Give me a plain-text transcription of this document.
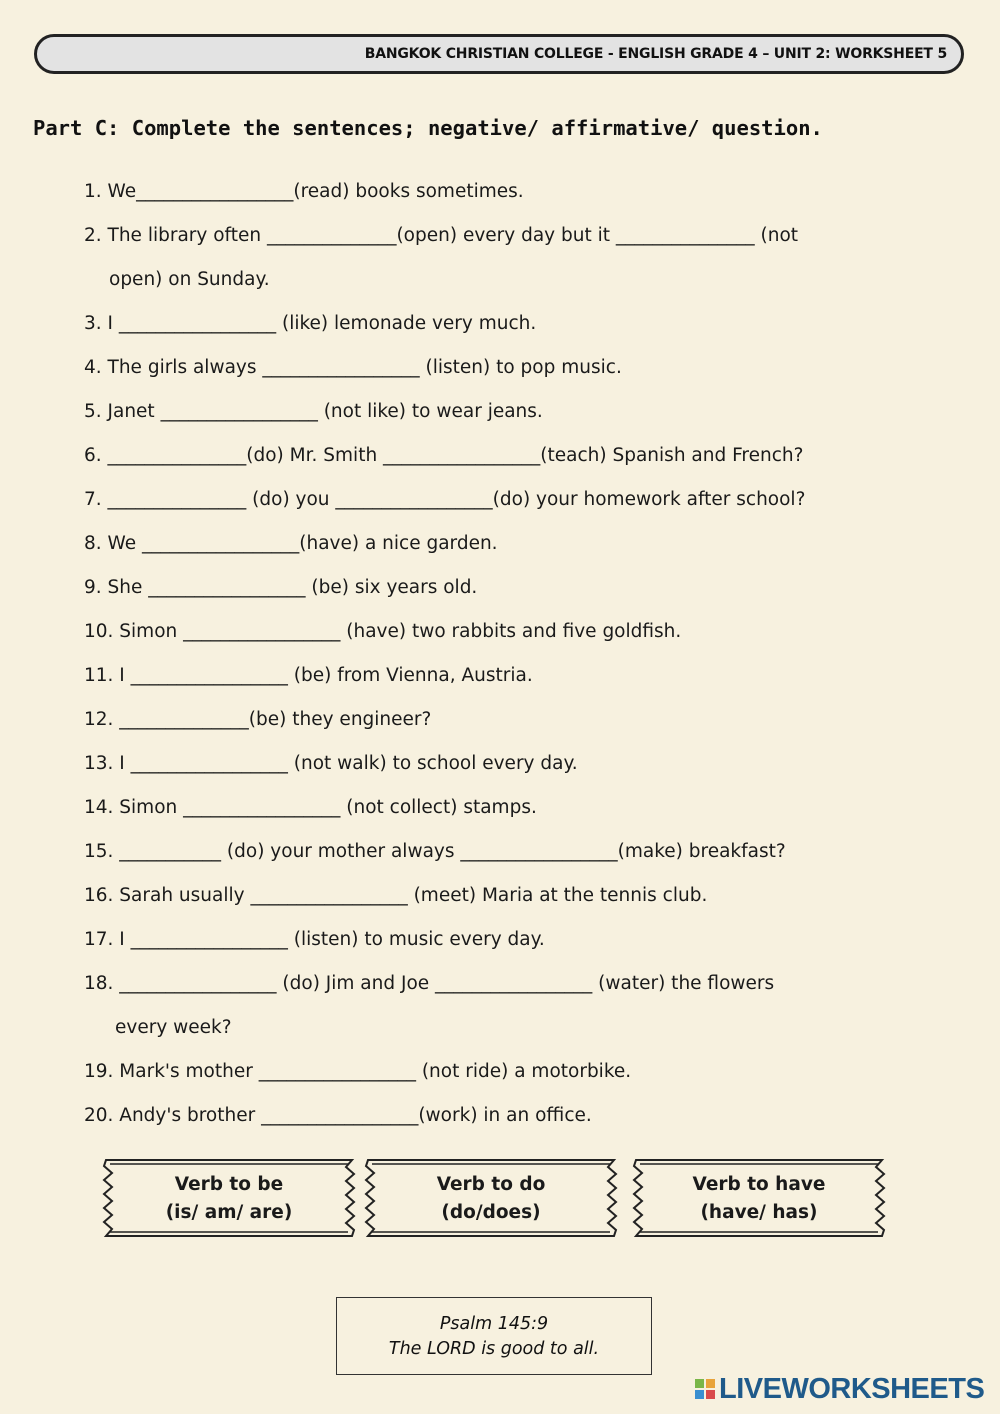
BANGKOK CHRISTIAN COLLEGE - ENGLISH GRADE 4 – UNIT 2: WORKSHEET 5
Part C: Complete the sentences; negative/ affirmative/ question.
1. We_________________(read) books sometimes.
2. The library often ______________(open) every day but it _______________ (not
open) on Sunday.
3. I _________________ (like) lemonade very much.
4. The girls always _________________ (listen) to pop music.
5. Janet _________________ (not like) to wear jeans.
6. _______________(do) Mr. Smith _________________(teach) Spanish and French?
7. _______________ (do) you _________________(do) your homework after school?
8. We _________________(have) a nice garden.
9. She _________________ (be) six years old.
10. Simon _________________ (have) two rabbits and five goldfish.
11. I _________________ (be) from Vienna, Austria.
12. ______________(be) they engineer?
13. I _________________ (not walk) to school every day.
14. Simon _________________ (not collect) stamps.
15. ___________ (do) your mother always _________________(make) breakfast?
16. Sarah usually _________________ (meet) Maria at the tennis club.
17. I _________________ (listen) to music every day.
18. _________________ (do) Jim and Joe _________________ (water) the flowers
every week?
19. Mark's mother _________________ (not ride) a motorbike.
20. Andy's brother _________________(work) in an office.
Verb to be
(is/ am/ are)
Verb to do
(do/does)
Verb to have
(have/ has)
Psalm 145:9
The LORD is good to all.
LIVEWORKSHEETS
